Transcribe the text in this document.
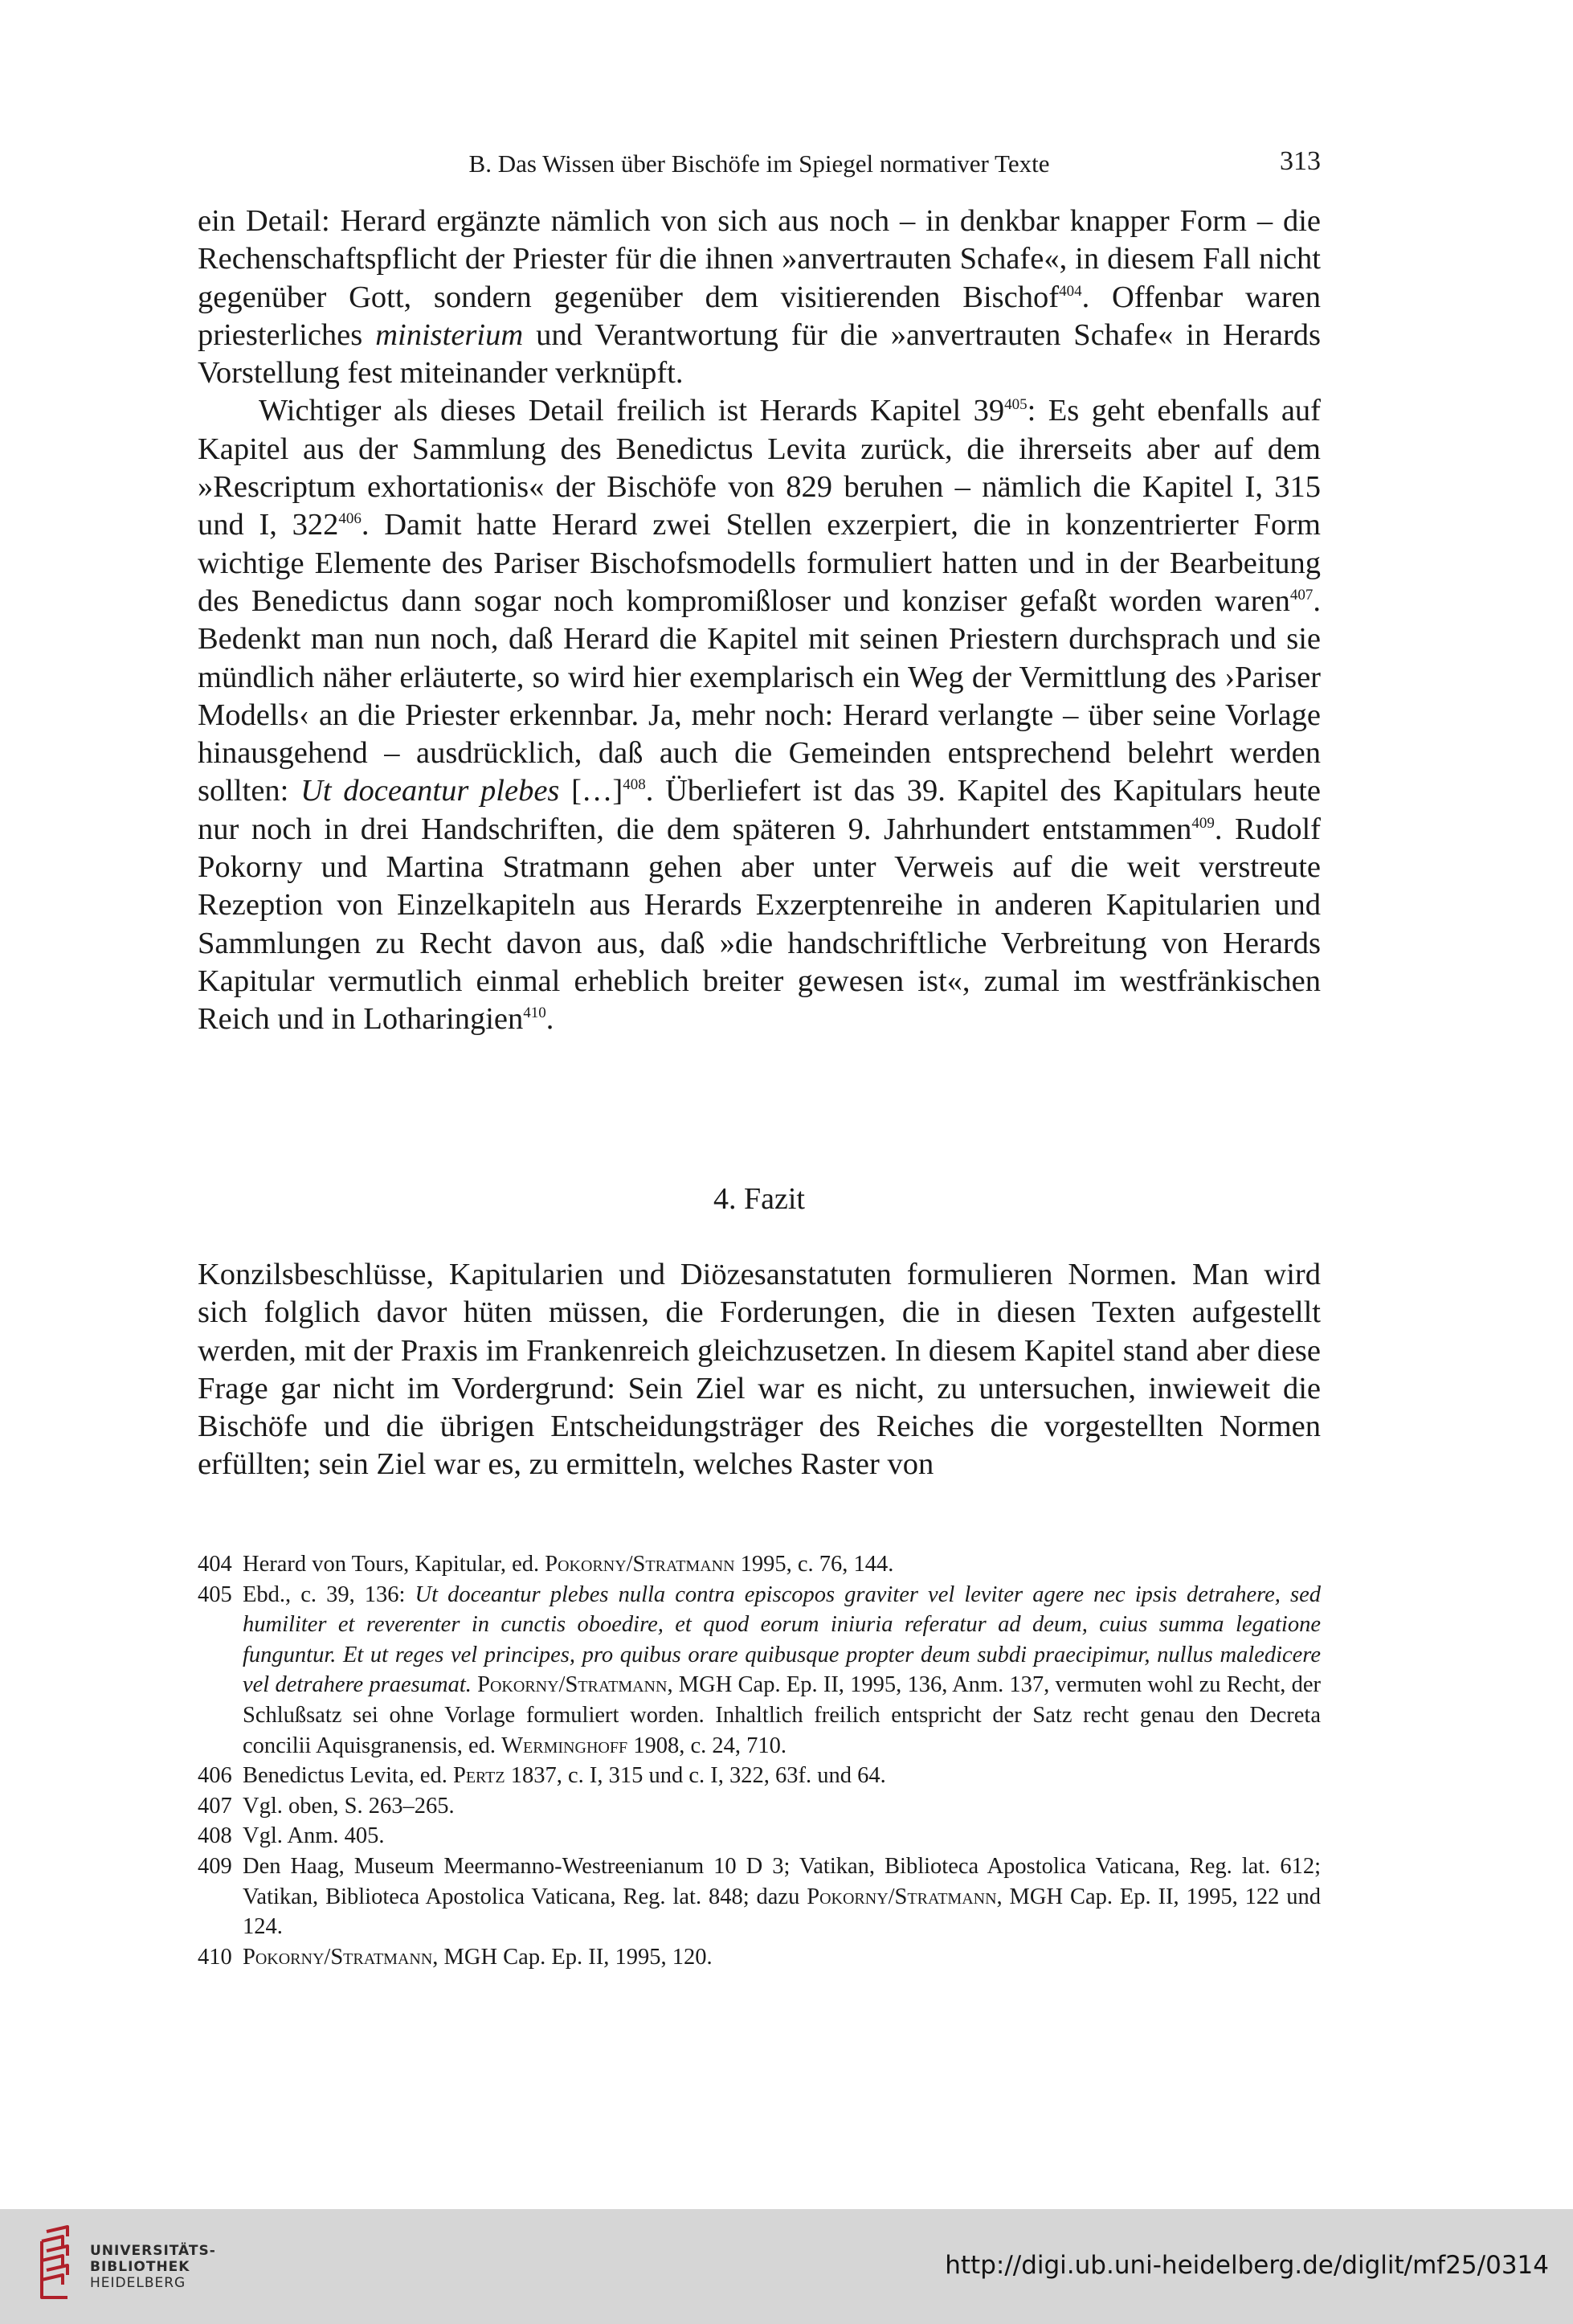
B. Das Wissen über Bischöfe im Spiegel normativer Texte	313

ein Detail: Herard ergänzte nämlich von sich aus noch – in denkbar knapper Form – die Rechenschaftspflicht der Priester für die ihnen »anvertrauten Schafe«, in diesem Fall nicht gegenüber Gott, sondern gegenüber dem visitierenden Bischof$^{404}$. Offenbar waren priesterliches ministerium und Verantwortung für die »anvertrauten Schafe« in Herards Vorstellung fest miteinander verknüpft.

Wichtiger als dieses Detail freilich ist Herards Kapitel 39$^{405}$: Es geht ebenfalls auf Kapitel aus der Sammlung des Benedictus Levita zurück, die ihrerseits aber auf dem »Rescriptum exhortationis« der Bischöfe von 829 beruhen – nämlich die Kapitel I, 315 und I, 322$^{406}$. Damit hatte Herard zwei Stellen exzerpiert, die in konzentrierter Form wichtige Elemente des Pariser Bischofsmodells formuliert hatten und in der Bearbeitung des Benedictus dann sogar noch kompromißloser und konziser gefaßt worden waren$^{407}$. Bedenkt man nun noch, daß Herard die Kapitel mit seinen Priestern durchsprach und sie mündlich näher erläuterte, so wird hier exemplarisch ein Weg der Vermittlung des ›Pariser Modells‹ an die Priester erkennbar. Ja, mehr noch: Herard verlangte – über seine Vorlage hinausgehend – ausdrücklich, daß auch die Gemeinden entsprechend belehrt werden sollten: Ut doceantur plebes […]$^{408}$. Überliefert ist das 39. Kapitel des Kapitulars heute nur noch in drei Handschriften, die dem späteren 9. Jahrhundert entstammen$^{409}$. Rudolf Pokorny und Martina Stratmann gehen aber unter Verweis auf die weit verstreute Rezeption von Einzelkapiteln aus Herards Exzerptenreihe in anderen Kapitularien und Sammlungen zu Recht davon aus, daß »die handschriftliche Verbreitung von Herards Kapitular vermutlich einmal erheblich breiter gewesen ist«, zumal im westfränkischen Reich und in Lotharingien$^{410}$.

4. Fazit

Konzilsbeschlüsse, Kapitularien und Diözesanstatuten formulieren Normen. Man wird sich folglich davor hüten müssen, die Forderungen, die in diesen Texten aufgestellt werden, mit der Praxis im Frankenreich gleichzusetzen. In diesem Kapitel stand aber diese Frage gar nicht im Vordergrund: Sein Ziel war es nicht, zu untersuchen, inwieweit die Bischöfe und die übrigen Entscheidungsträger des Reiches die vorgestellten Normen erfüllten; sein Ziel war es, zu ermitteln, welches Raster von

404 Herard von Tours, Kapitular, ed. Pokorny/Stratmann 1995, c. 76, 144.

405 Ebd., c. 39, 136: Ut doceantur plebes nulla contra episcopos graviter vel leviter agere nec ipsis detrahere, sed humiliter et reverenter in cunctis oboedire, et quod eorum iniuria referatur ad deum, cuius summa legatione funguntur. Et ut reges vel principes, pro quibus orare quibusque propter deum subdi praecipimur, nullus maledicere vel detrahere praesumat. Pokorny/Stratmann, MGH Cap. Ep. II, 1995, 136, Anm. 137, vermuten wohl zu Recht, der Schlußsatz sei ohne Vorlage formuliert worden. Inhaltlich freilich entspricht der Satz recht genau den Decreta concilii Aquisgranensis, ed. Werminghoff 1908, c. 24, 710.

406 Benedictus Levita, ed. Pertz 1837, c. I, 315 und c. I, 322, 63f. und 64.

407 Vgl. oben, S. 263–265.

408 Vgl. Anm. 405.

409 Den Haag, Museum Meermanno-Westreenianum 10 D 3; Vatikan, Biblioteca Apostolica Vaticana, Reg. lat. 612; Vatikan, Biblioteca Apostolica Vaticana, Reg. lat. 848; dazu Pokorny/Stratmann, MGH Cap. Ep. II, 1995, 122 und 124.

410 Pokorny/Stratmann, MGH Cap. Ep. II, 1995, 120.

UNIVERSITÄTS-
BIBLIOTHEK
HEIDELBERG
http://digi.ub.uni-heidelberg.de/diglit/mf25/0314
